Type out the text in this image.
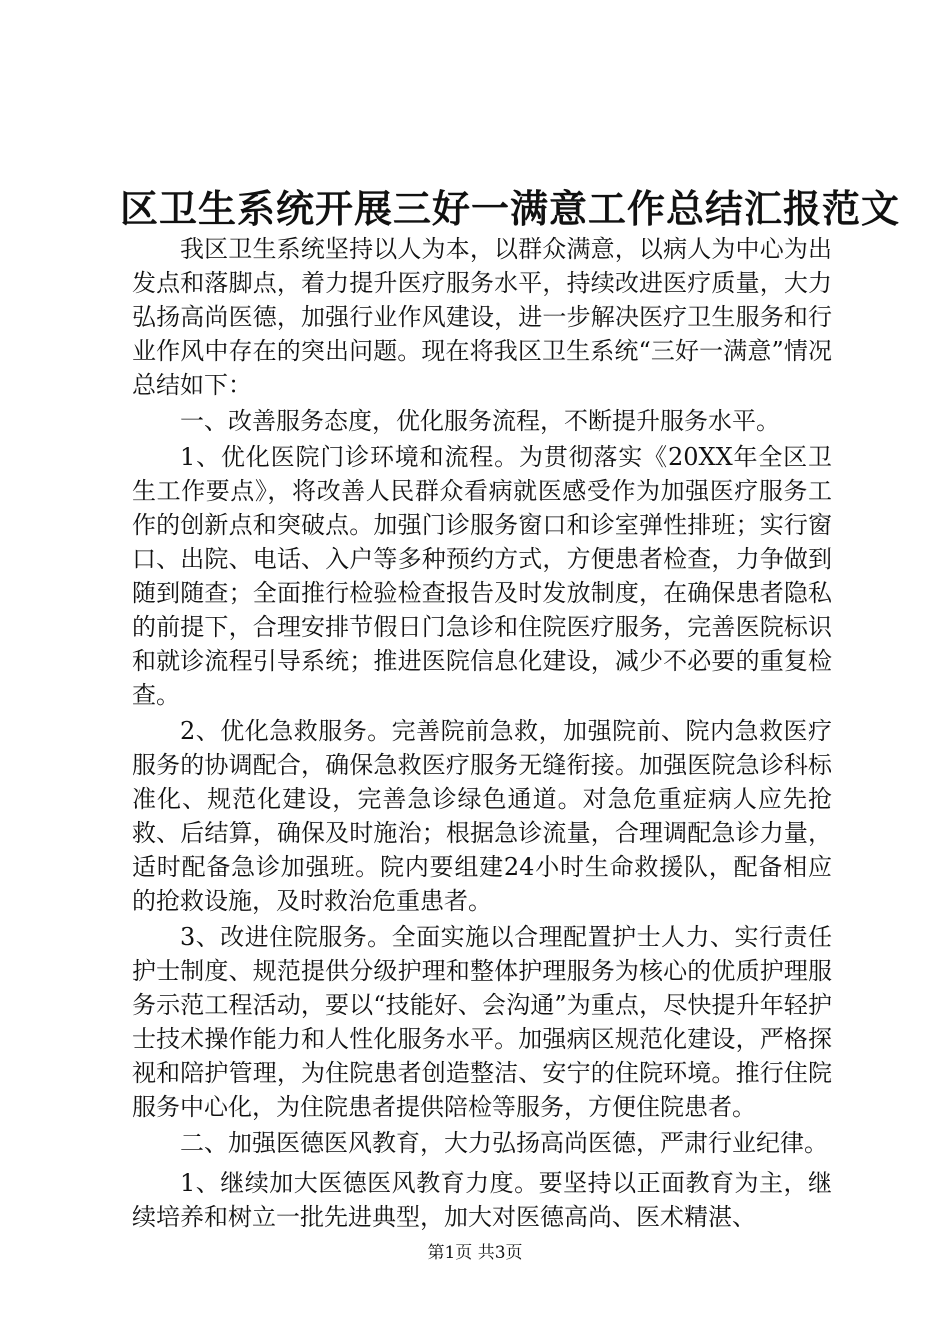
区卫生系统开展三好一满意工作总结汇报范文

我区卫生系统坚持以人为本，以群众满意，以病人为中心为出发点和落脚点，着力提升医疗服务水平，持续改进医疗质量，大力弘扬高尚医德，加强行业作风建设，进一步解决医疗卫生服务和行业作风中存在的突出问题。现在将我区卫生系统“三好一满意”情况总结如下：

一、改善服务态度，优化服务流程，不断提升服务水平。

1、优化医院门诊环境和流程。为贯彻落实《20XX年全区卫生工作要点》，将改善人民群众看病就医感受作为加强医疗服务工作的创新点和突破点。加强门诊服务窗口和诊室弹性排班；实行窗口、出院、电话、入户等多种预约方式，方便患者检查，力争做到随到随查；全面推行检验检查报告及时发放制度，在确保患者隐私的前提下，合理安排节假日门急诊和住院医疗服务，完善医院标识和就诊流程引导系统；推进医院信息化建设，减少不必要的重复检查。

2、优化急救服务。完善院前急救，加强院前、院内急救医疗服务的协调配合，确保急救医疗服务无缝衔接。加强医院急诊科标准化、规范化建设，完善急诊绿色通道。对急危重症病人应先抢救、后结算，确保及时施治；根据急诊流量，合理调配急诊力量，适时配备急诊加强班。院内要组建24小时生命救援队，配备相应的抢救设施，及时救治危重患者。

3、改进住院服务。全面实施以合理配置护士人力、实行责任护士制度、规范提供分级护理和整体护理服务为核心的优质护理服务示范工程活动，要以“技能好、会沟通”为重点，尽快提升年轻护士技术操作能力和人性化服务水平。加强病区规范化建设，严格探视和陪护管理，为住院患者创造整洁、安宁的住院环境。推行住院服务中心化，为住院患者提供陪检等服务，方便住院患者。

二、加强医德医风教育，大力弘扬高尚医德，严肃行业纪律。

1、继续加大医德医风教育力度。要坚持以正面教育为主，继续培养和树立一批先进典型，加大对医德高尚、医术精湛、

第1页 共3页
